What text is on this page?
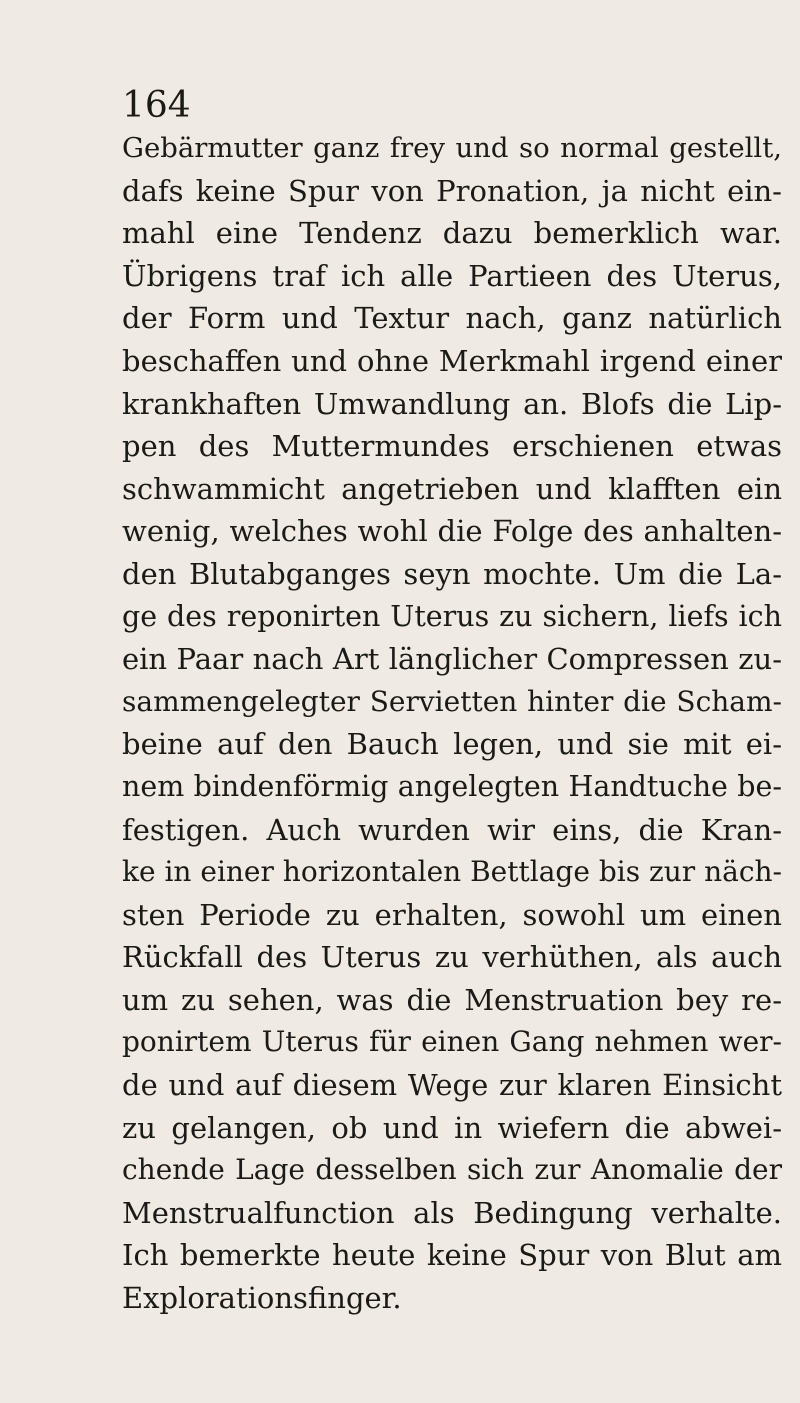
164
Gebärmutter ganz frey und so normal gestellt,
dafs keine Spur von Pronation, ja nicht ein-
mahl eine Tendenz dazu bemerklich war.
Übrigens traf ich alle Partieen des Uterus,
der Form und Textur nach, ganz natürlich
beschaffen und ohne Merkmahl irgend einer
krankhaften Umwandlung an. Blofs die Lip-
pen des Muttermundes erschienen etwas
schwammicht angetrieben und klafften ein
wenig, welches wohl die Folge des anhalten-
den Blutabganges seyn mochte. Um die La-
ge des reponirten Uterus zu sichern, liefs ich
ein Paar nach Art länglicher Compressen zu-
sammengelegter Servietten hinter die Scham-
beine auf den Bauch legen, und sie mit ei-
nem bindenförmig angelegten Handtuche be-
festigen. Auch wurden wir eins, die Kran-
ke in einer horizontalen Bettlage bis zur näch-
sten Periode zu erhalten, sowohl um einen
Rückfall des Uterus zu verhüthen, als auch
um zu sehen, was die Menstruation bey re-
ponirtem Uterus für einen Gang nehmen wer-
de und auf diesem Wege zur klaren Einsicht
zu gelangen, ob und in wiefern die abwei-
chende Lage desselben sich zur Anomalie der
Menstrualfunction als Bedingung verhalte.
Ich bemerkte heute keine Spur von Blut am
Explorationsfinger.
